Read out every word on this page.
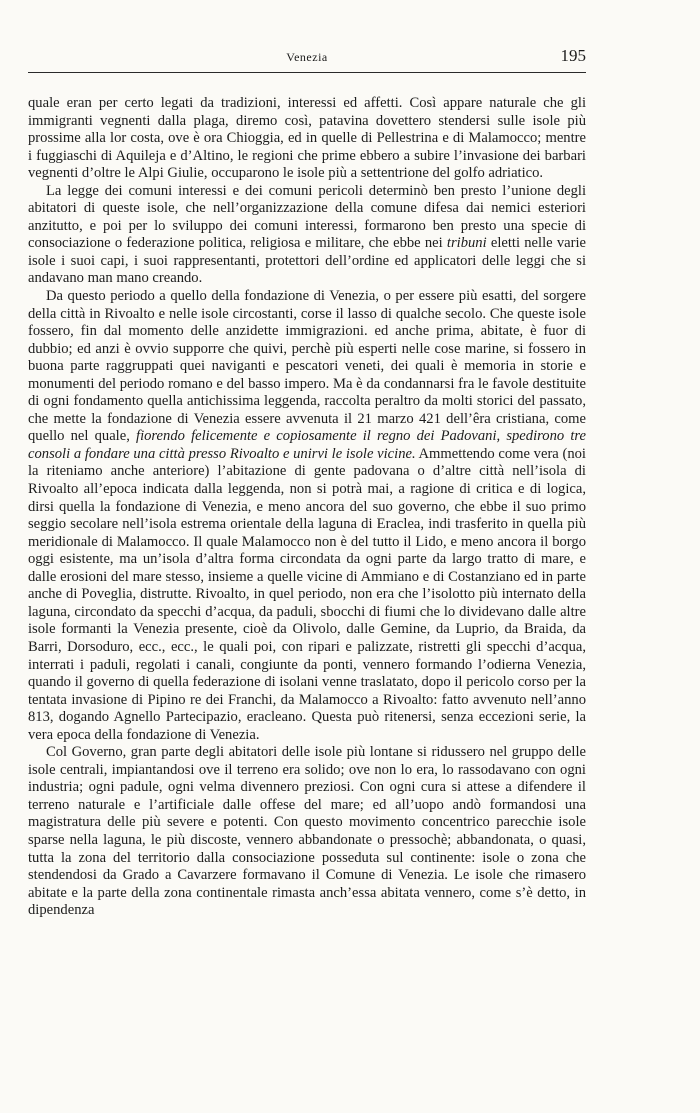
Venezia	195

quale eran per certo legati da tradizioni, interessi ed affetti. Così appare naturale che gli immigranti vegnenti dalla plaga, diremo così, patavina dovettero stendersi sulle isole più prossime alla lor costa, ove è ora Chioggia, ed in quelle di Pellestrina e di Malamocco; mentre i fuggiaschi di Aquileja e d’Altino, le regioni che prime ebbero a subire l’invasione dei barbari vegnenti d’oltre le Alpi Giulie, occuparono le isole più a settentrione del golfo adriatico.

La legge dei comuni interessi e dei comuni pericoli determinò ben presto l’unione degli abitatori di queste isole, che nell’organizzazione della comune difesa dai nemici esteriori anzitutto, e poi per lo sviluppo dei comuni interessi, formarono ben presto una specie di consociazione o federazione politica, religiosa e militare, che ebbe nei tribuni eletti nelle varie isole i suoi capi, i suoi rappresentanti, protettori dell’ordine ed applicatori delle leggi che si andavano man mano creando.

Da questo periodo a quello della fondazione di Venezia, o per essere più esatti, del sorgere della città in Rivoalto e nelle isole circostanti, corse il lasso di qualche secolo. Che queste isole fossero, fin dal momento delle anzidette immigrazioni. ed anche prima, abitate, è fuor di dubbio; ed anzi è ovvio supporre che quivi, perchè più esperti nelle cose marine, si fossero in buona parte raggruppati quei naviganti e pescatori veneti, dei quali è memoria in storie e monumenti del periodo romano e del basso impero. Ma è da condannarsi fra le favole destituite di ogni fondamento quella antichissima leggenda, raccolta peraltro da molti storici del passato, che mette la fondazione di Venezia essere avvenuta il 21 marzo 421 dell’êra cristiana, come quello nel quale, fiorendo felicemente e copiosamente il regno dei Padovani, spedirono tre consoli a fondare una città presso Rivoalto e unirvi le isole vicine. Ammettendo come vera (noi la riteniamo anche anteriore) l’abitazione di gente padovana o d’altre città nell’isola di Rivoalto all’epoca indicata dalla leggenda, non si potrà mai, a ragione di critica e di logica, dirsi quella la fondazione di Venezia, e meno ancora del suo governo, che ebbe il suo primo seggio secolare nell’isola estrema orientale della laguna di Eraclea, indi trasferito in quella più meridionale di Malamocco. Il quale Malamocco non è del tutto il Lido, e meno ancora il borgo oggi esistente, ma un’isola d’altra forma circondata da ogni parte da largo tratto di mare, e dalle erosioni del mare stesso, insieme a quelle vicine di Ammiano e di Costanziano ed in parte anche di Poveglia, distrutte. Rivoalto, in quel periodo, non era che l’isolotto più internato della laguna, circondato da specchi d’acqua, da paduli, sbocchi di fiumi che lo dividevano dalle altre isole formanti la Venezia presente, cioè da Olivolo, dalle Gemine, da Luprio, da Braida, da Barri, Dorsoduro, ecc., ecc., le quali poi, con ripari e palizzate, ristretti gli specchi d’acqua, interrati i paduli, regolati i canali, congiunte da ponti, vennero formando l’odierna Venezia, quando il governo di quella federazione di isolani venne traslatato, dopo il pericolo corso per la tentata invasione di Pipino re dei Franchi, da Malamocco a Rivoalto: fatto avvenuto nell’anno 813, dogando Agnello Partecipazio, eracleano. Questa può ritenersi, senza eccezioni serie, la vera epoca della fondazione di Venezia.

Col Governo, gran parte degli abitatori delle isole più lontane si ridussero nel gruppo delle isole centrali, impiantandosi ove il terreno era solido; ove non lo era, lo rassodavano con ogni industria; ogni padule, ogni velma divennero preziosi. Con ogni cura si attese a difendere il terreno naturale e l’artificiale dalle offese del mare; ed all’uopo andò formandosi una magistratura delle più severe e potenti. Con questo movimento concentrico parecchie isole sparse nella laguna, le più discoste, vennero abbandonate o pressochè; abbandonata, o quasi, tutta la zona del territorio dalla consociazione posseduta sul continente: isole o zona che stendendosi da Grado a Cavarzere formavano il Comune di Venezia. Le isole che rimasero abitate e la parte della zona continentale rimasta anch’essa abitata vennero, come s’è detto, in dipendenza
